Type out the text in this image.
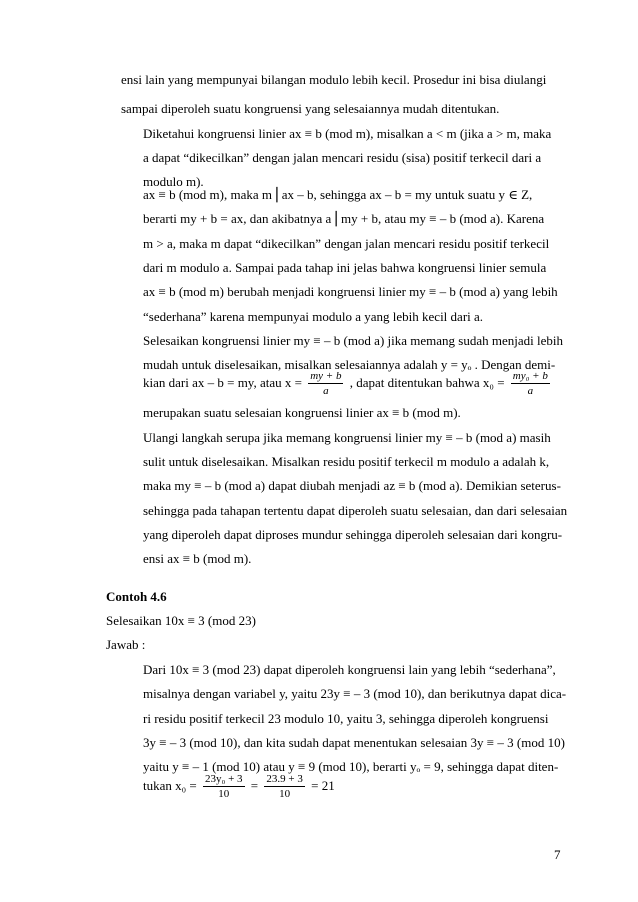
ensi lain yang mempunyai bilangan modulo lebih kecil. Prosedur ini bisa diulangi
sampai diperoleh suatu kongruensi yang selesaiannya mudah ditentukan.
Diketahui kongruensi linier ax ≡ b (mod m), misalkan a < m (jika a > m, maka
a dapat “dikecilkan” dengan jalan mencari residu (sisa) positif terkecil dari a
modulo m).
ax ≡ b (mod m), maka m ⎢ax – b, sehingga ax – b = my untuk suatu y ∈ Z,
berarti my + b = ax, dan akibatnya a ⎢my + b, atau my ≡ – b (mod a). Karena
m > a, maka m dapat “dikecilkan” dengan jalan mencari residu positif terkecil
dari m modulo a. Sampai pada tahap ini jelas bahwa kongruensi linier semula
ax ≡ b (mod m) berubah menjadi kongruensi linier my ≡ – b (mod a) yang lebih
“sederhana” karena mempunyai modulo a yang lebih kecil dari a.
Selesaikan kongruensi linier my ≡ – b (mod a) jika memang sudah menjadi lebih
mudah untuk diselesaikan, misalkan selesaiannya adalah y = yₒ . Dengan demi-
kian dari ax – b = my, atau $x = \frac{my + b}{a}$ , dapat ditentukan bahwa $x_0 = \frac{\text{my₀ + b}}{a}$
merupakan suatu selesaian kongruensi linier ax ≡ b (mod m).
Ulangi langkah serupa jika memang kongruensi linier my ≡ – b (mod a) masih
sulit untuk diselesaikan. Misalkan residu positif terkecil m modulo a adalah k,
maka my ≡ – b (mod a) dapat diubah menjadi az ≡ b (mod a). Demikian seterus-
sehingga pada tahapan tertentu dapat diperoleh suatu selesaian, dan dari selesaian
yang diperoleh dapat diproses mundur sehingga diperoleh selesaian dari kongru-
ensi ax ≡ b (mod m).
Contoh 4.6
Selesaikan 10x ≡ 3 (mod 23)
Jawab :
Dari 10x ≡ 3 (mod 23) dapat diperoleh kongruensi lain yang lebih “sederhana”,
misalnya dengan variabel y, yaitu 23y ≡ – 3 (mod 10), dan berikutnya dapat dica-
ri residu positif terkecil 23 modulo 10, yaitu 3, sehingga diperoleh kongruensi
3y ≡ – 3 (mod 10), dan kita sudah dapat menentukan selesaian 3y ≡ – 3 (mod 10)
yaitu y ≡ – 1 (mod 10) atau y ≡ 9 (mod 10), berarti yₒ = 9, sehingga dapat diten-
tukan $x_0 = \frac{\text{23y₀ + 3}}{10} = \frac{23.9 + 3}{10} = 21$
7
